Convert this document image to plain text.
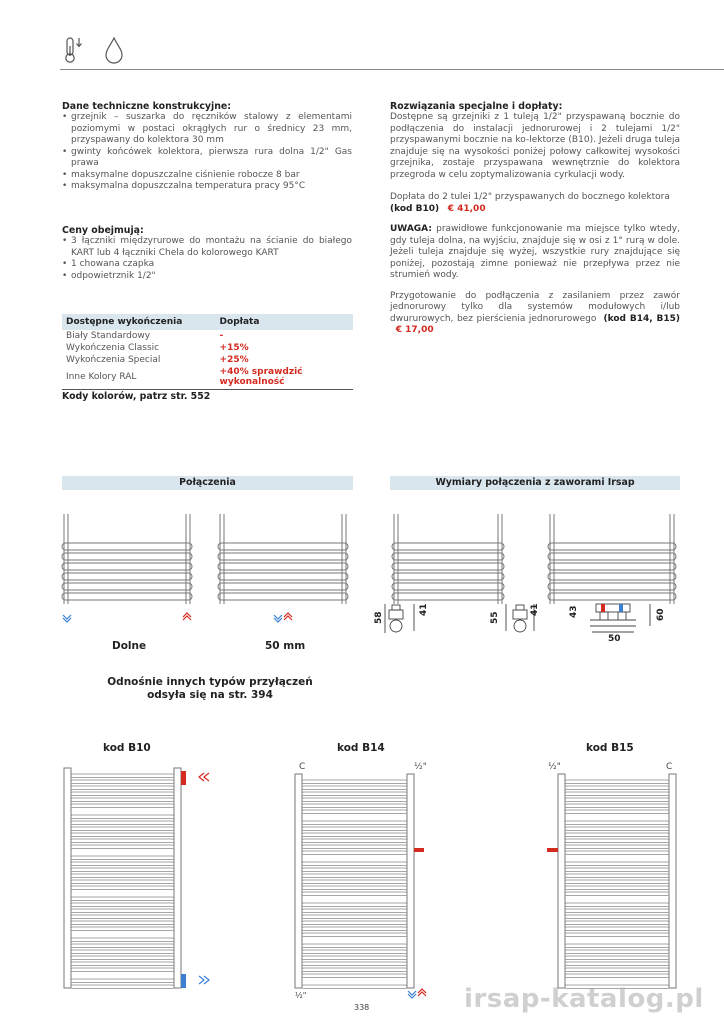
Dane techniczne konstrukcyjne:
• grzejnik – suszarka do ręczników stalowy z elementami poziomymi w postaci okrągłych rur o średnicy 23 mm, przyspawany do kolektora 30 mm
• gwinty końcówek kolektora, pierwsza rura dolna 1/2" Gas prawa
• maksymalne dopuszczalne ciśnienie robocze 8 bar
• maksymalna dopuszczalna temperatura pracy 95°C
Ceny obejmują:
• 3 łączniki międzyrurowe do montażu na ścianie do białego KART lub 4 łączniki Chela do kolorowego KART
• 1 chowana czapka
• odpowietrznik 1/2"
Dostępne wykończenia	Dopłata
Biały Standardowy	-
Wykończenia Classic	+15%
Wykończenia Special	+25%
Inne Kolory RAL	+40% sprawdzić wykonalność
Kody kolorów, patrz str. 552
Rozwiązania specjalne i dopłaty:
Dostępne są grzejniki z 1 tuleją 1/2" przyspawaną bocznie do podłączenia do instalacji jednorurowej i 2 tulejami 1/2" przyspawanymi bocznie na ko-lektorze (B10). Jeżeli druga tuleja znajduje się na wysokości poniżej połowy całkowitej wysokości grzejnika, zostaje przyspawana wewnętrznie do kolektora przegroda w celu zoptymalizowania cyrkulacji wody.
Dopłata do 2 tulei 1/2" przyspawanych do bocznego kolektora
(kod B10) € 41,00
UWAGA: prawidłowe funkcjonowanie ma miejsce tylko wtedy, gdy tuleja dolna, na wyjściu, znajduje się w osi z 1° rurą w dole. Jeżeli tuleja znajduje się wyżej, wszystkie rury znajdujące się poniżej, pozostają zimne ponieważ nie przepływa przez nie strumień wody.
Przygotowanie do podłączenia z zasilaniem przez zawór jednorurowy tylko dla systemów modułowych i/lub dwururowych, bez pierścienia jednorurowego (kod B14, B15)   € 17,00
Połączenia	Wymiary połączenia z zaworami Irsap
Dolne	50 mm
Odnośnie innych typów przyłączeń
odsyła się na str. 394
58
41
55
41	43	60
50
kod B10	kod B14	kod B15
C	½"
½"
½"	C
338	irsap-katalog.pl
